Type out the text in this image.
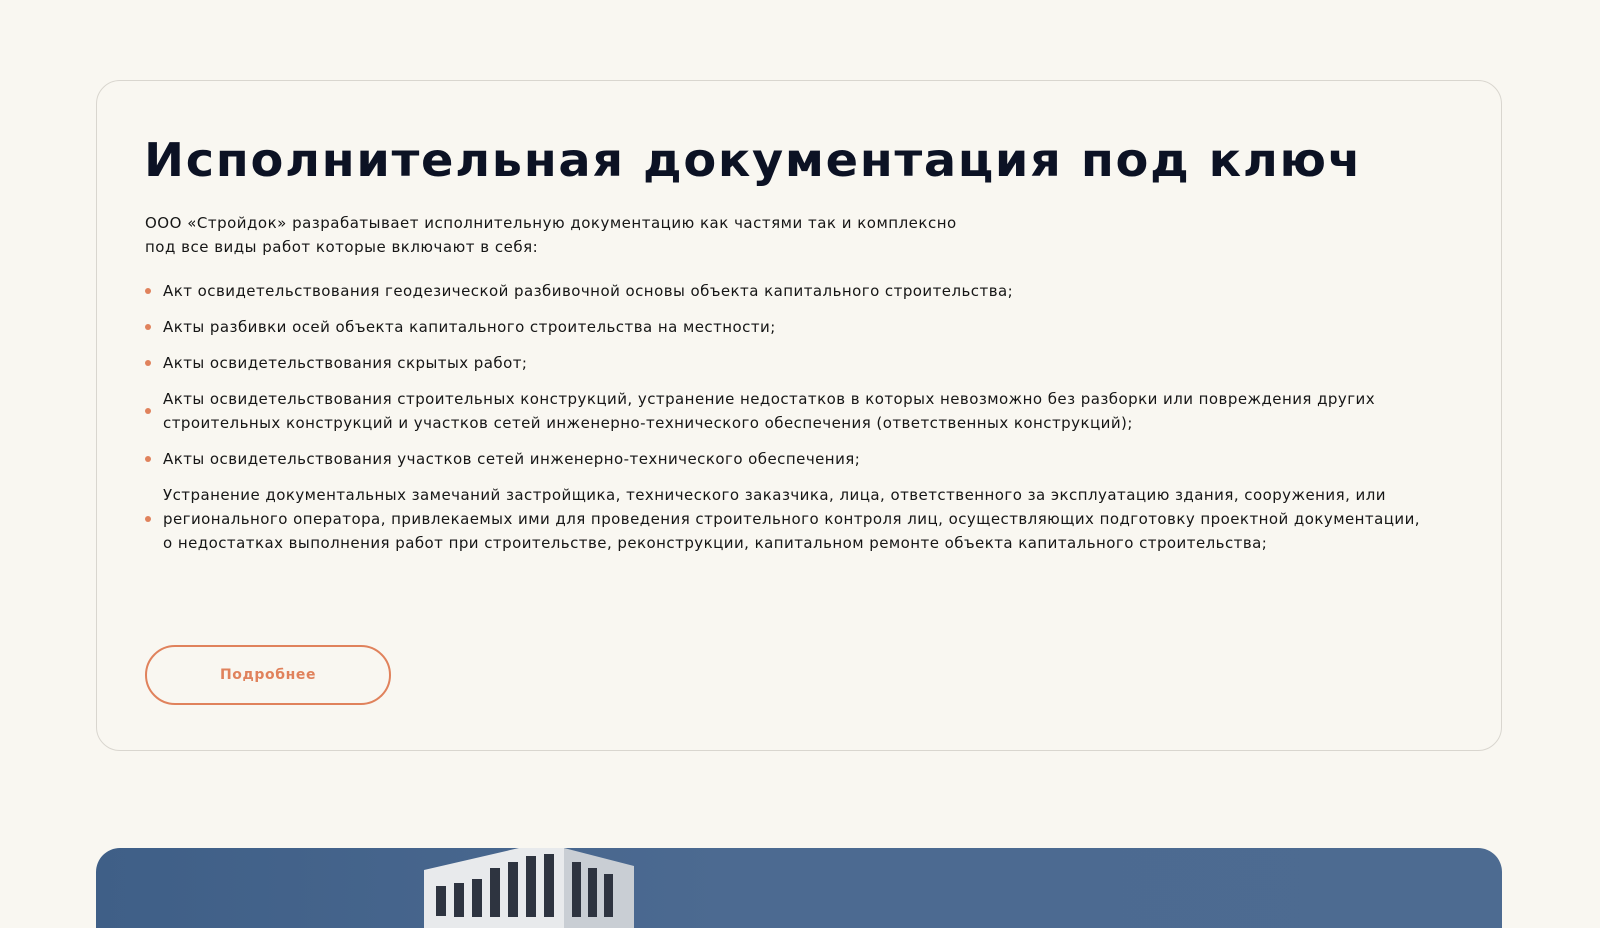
Исполнительная документация под ключ

ООО «Стройдок» разрабатывает исполнительную документацию как частями так и комплексно
под все виды работ которые включают в себя:

Акт освидетельствования геодезической разбивочной основы объекта капитального строительства;
Акты разбивки осей объекта капитального строительства на местности;
Акты освидетельствования скрытых работ;
Акты освидетельствования строительных конструкций, устранение недостатков в которых невозможно без разборки или повреждения других строительных конструкций и участков сетей инженерно-технического обеспечения (ответственных конструкций);
Акты освидетельствования участков сетей инженерно-технического обеспечения;
Устранение документальных замечаний застройщика, технического заказчика, лица, ответственного за эксплуатацию здания, сооружения, или регионального оператора, привлекаемых ими для проведения строительного контроля лиц, осуществляющих подготовку проектной документации, о недостатках выполнения работ при строительстве, реконструкции, капитальном ремонте объекта капитального строительства;
Подробнее
